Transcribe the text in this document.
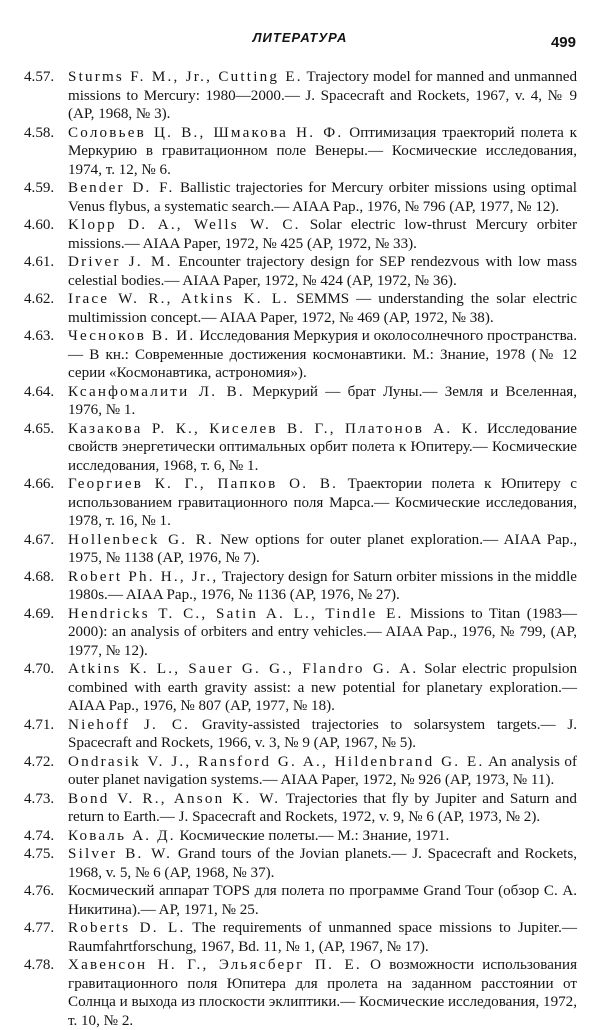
ЛИТЕРАТУРА	499

4.57. Sturms F. M., Jr., Cutting E. Trajectory model for manned and unmanned missions to Mercury: 1980—2000.— J. Spacecraft and Rockets, 1967, v. 4, № 9 (AP, 1968, № 3).

4.58. Соловьев Ц. В., Шмакова Н. Ф. Оптимизация траекторий полета к Меркурию в гравитационном поле Венеры.— Космические исследования, 1974, т. 12, № 6.

4.59. Bender D. F. Ballistic trajectories for Mercury orbiter missions using optimal Venus flybus, a systematic search.— AIAA Pap., 1976, № 796 (AP, 1977, № 12).

4.60. Klopp D. A., Wells W. C. Solar electric low-thrust Mercury orbiter missions.— AIAA Paper, 1972, № 425 (AP, 1972, № 33).

4.61. Driver J. M. Encounter trajectory design for SEP rendezvous with low mass celestial bodies.— AIAA Paper, 1972, № 424 (AP, 1972, № 36).

4.62. Irace W. R., Atkins K. L. SEMMS — understanding the solar electric multimission concept.— AIAA Paper, 1972, № 469 (AP, 1972, № 38).

4.63. Чесноков В. И. Исследования Меркурия и околосолнечного пространства.— В кн.: Современные достижения космонавтики. М.: Знание, 1978 (№ 12 серии «Космонавтика, астрономия»).

4.64. Ксанфомалити Л. В. Меркурий — брат Луны.— Земля и Вселенная, 1976, № 1.

4.65. Казакова Р. К., Киселев В. Г., Платонов А. К. Исследование свойств энергетически оптимальных орбит полета к Юпитеру.— Космические исследования, 1968, т. 6, № 1.

4.66. Георгиев К. Г., Папков О. В. Траектории полета к Юпитеру с использованием гравитационного поля Марса.— Космические исследования, 1978, т. 16, № 1.

4.67. Hollenbeck G. R. New options for outer planet exploration.— AIAA Pap., 1975, № 1138 (AP, 1976, № 7).

4.68. Robert Ph. H., Jr., Trajectory design for Saturn orbiter missions in the middle 1980s.— AIAA Pap., 1976, № 1136 (AP, 1976, № 27).

4.69. Hendricks T. C., Satin A. L., Tindle E. Missions to Titan (1983—2000): an analysis of orbiters and entry vehicles.— AIAA Pap., 1976, № 799, (AP, 1977, № 12).

4.70. Atkins K. L., Sauer G. G., Flandro G. A. Solar electric propulsion combined with earth gravity assist: a new potential for planetary exploration.— AIAA Pap., 1976, № 807 (AP, 1977, № 18).

4.71. Niehoff J. C. Gravity-assisted trajectories to solarsystem targets.— J. Spacecraft and Rockets, 1966, v. 3, № 9 (AP, 1967, № 5).

4.72. Ondrasik V. J., Ransford G. A., Hildenbrand G. E. An analysis of outer planet navigation systems.— AIAA Paper, 1972, № 926 (AP, 1973, № 11).

4.73. Bond V. R., Anson K. W. Trajectories that fly by Jupiter and Saturn and return to Earth.— J. Spacecraft and Rockets, 1972, v. 9, № 6 (AP, 1973, № 2).

4.74. Коваль А. Д. Космические полеты.— М.: Знание, 1971.

4.75. Silver B. W. Grand tours of the Jovian planets.— J. Spacecraft and Rockets, 1968, v. 5, № 6 (AP, 1968, № 37).

4.76. Космический аппарат TOPS для полета по программе Grand Tour (обзор С. А. Никитина).— AP, 1971, № 25.

4.77. Roberts D. L. The requirements of unmanned space missions to Jupiter.— Raumfahrtforschung, 1967, Bd. 11, № 1, (AP, 1967, № 17).

4.78. Хавенсон Н. Г., Эльясберг П. Е. О возможности использования гравитационного поля Юпитера для пролета на заданном расстоянии от Солнца и выхода из плоскости эклиптики.— Космические исследования, 1972, т. 10, № 2.
